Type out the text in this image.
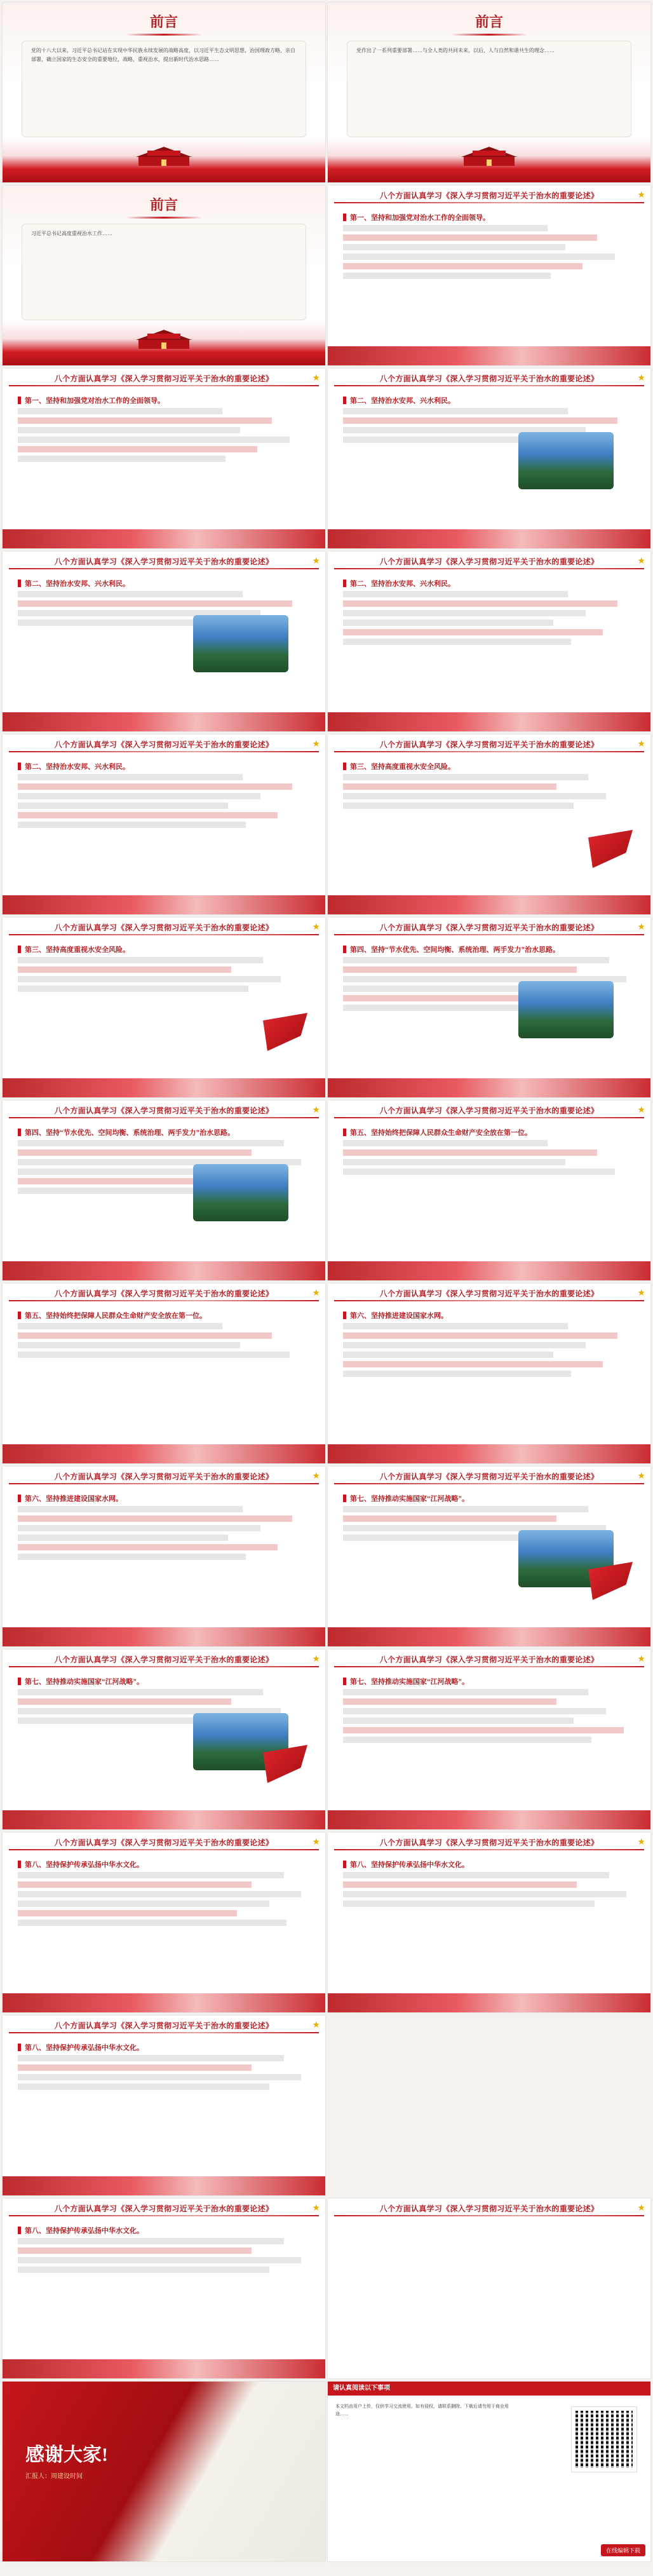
前言

党的十八大以来，习近平总书记站在实现中华民族永续发展的战略高度，以习近平生态文明思想，治国理政方略，亲自部署，确立国家的生态安全的重要地位，战略，重视治水，提出新时代治水思路……

前言

党作出了一系列重要部署……与全人类的共同未来，以后，人与自然和谐共生的理念……

前言

习近平总书记高度重视治水工作……

八个方面认真学习《深入学习贯彻习近平关于治水的重要论述》	★
第一、坚持和加强党对治水工作的全面领导。
八个方面认真学习《深入学习贯彻习近平关于治水的重要论述》	★
第一、坚持和加强党对治水工作的全面领导。
八个方面认真学习《深入学习贯彻习近平关于治水的重要论述》	★
第二、坚持治水安邦、兴水利民。
八个方面认真学习《深入学习贯彻习近平关于治水的重要论述》	★
第二、坚持治水安邦、兴水利民。
八个方面认真学习《深入学习贯彻习近平关于治水的重要论述》	★
第二、坚持治水安邦、兴水利民。
八个方面认真学习《深入学习贯彻习近平关于治水的重要论述》	★
第二、坚持治水安邦、兴水利民。
八个方面认真学习《深入学习贯彻习近平关于治水的重要论述》	★
第三、坚持高度重视水安全风险。
八个方面认真学习《深入学习贯彻习近平关于治水的重要论述》	★
第三、坚持高度重视水安全风险。
八个方面认真学习《深入学习贯彻习近平关于治水的重要论述》	★
第四、坚持“节水优先、空间均衡、系统治理、两手发力”治水思路。
八个方面认真学习《深入学习贯彻习近平关于治水的重要论述》	★
第四、坚持“节水优先、空间均衡、系统治理、两手发力”治水思路。
八个方面认真学习《深入学习贯彻习近平关于治水的重要论述》	★
第五、坚持始终把保障人民群众生命财产安全放在第一位。
八个方面认真学习《深入学习贯彻习近平关于治水的重要论述》	★
第五、坚持始终把保障人民群众生命财产安全放在第一位。
八个方面认真学习《深入学习贯彻习近平关于治水的重要论述》	★
第六、坚持推进建设国家水网。
八个方面认真学习《深入学习贯彻习近平关于治水的重要论述》	★
第六、坚持推进建设国家水网。
八个方面认真学习《深入学习贯彻习近平关于治水的重要论述》	★
第七、坚持推动实施国家“江河战略”。
八个方面认真学习《深入学习贯彻习近平关于治水的重要论述》	★
第七、坚持推动实施国家“江河战略”。
八个方面认真学习《深入学习贯彻习近平关于治水的重要论述》	★
第七、坚持推动实施国家“江河战略”。
八个方面认真学习《深入学习贯彻习近平关于治水的重要论述》	★
第八、坚持保护传承弘扬中华水文化。
八个方面认真学习《深入学习贯彻习近平关于治水的重要论述》	★
第八、坚持保护传承弘扬中华水文化。
八个方面认真学习《深入学习贯彻习近平关于治水的重要论述》	★
第八、坚持保护传承弘扬中华水文化。
八个方面认真学习《深入学习贯彻习近平关于治水的重要论述》	★
第八、坚持保护传承弘扬中华水文化。
八个方面认真学习《深入学习贯彻习近平关于治水的重要论述》	★
感谢大家!
汇报人：周建设时间
请认真阅读以下事项
本文档由用户上传，仅供学习交流使用。如有侵权，请联系删除。下载后请勿用于商业用途……
在线编辑下载
